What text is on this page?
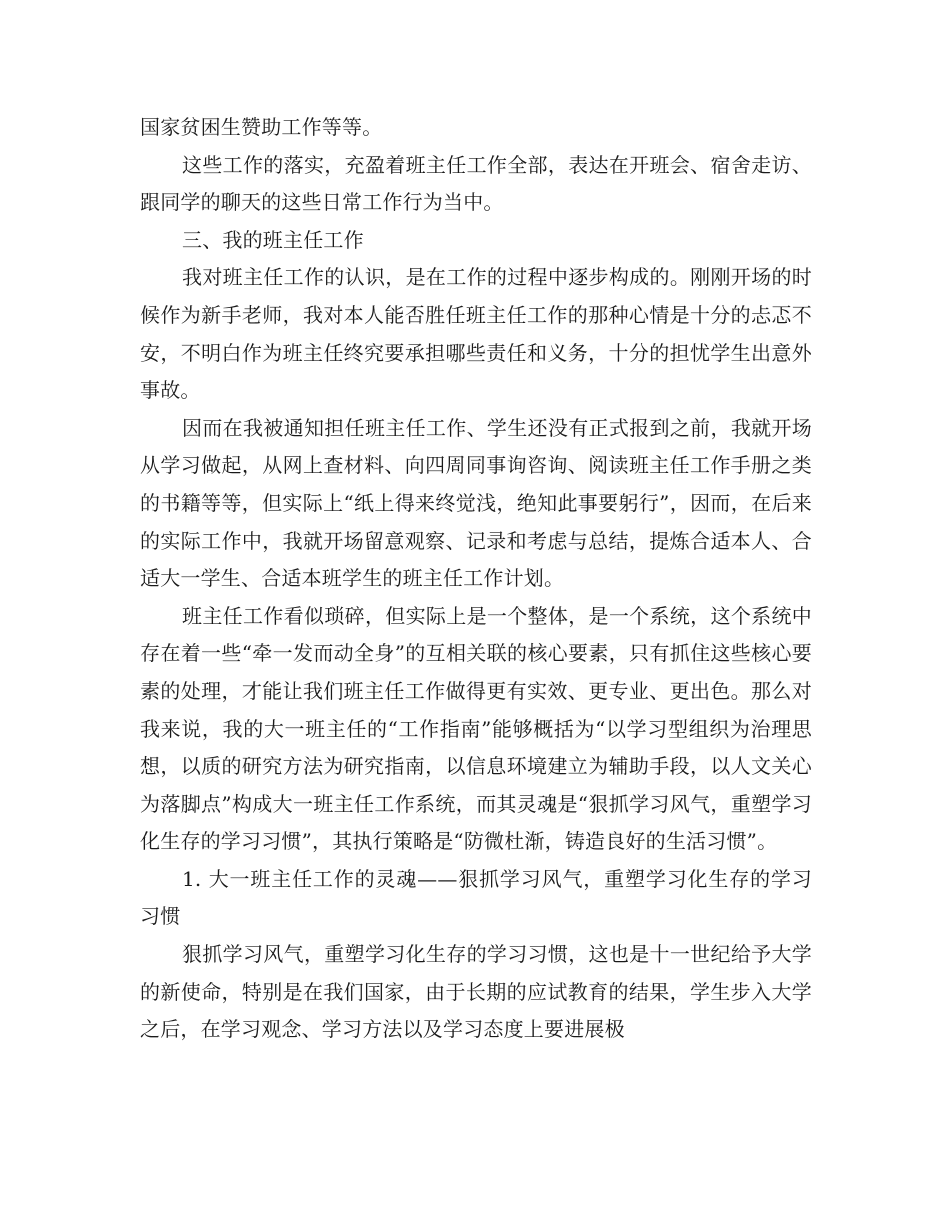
国家贫困生赞助工作等等。

这些工作的落实，充盈着班主任工作全部，表达在开班会、宿舍走访、跟同学的聊天的这些日常工作行为当中。

三、我的班主任工作

我对班主任工作的认识，是在工作的过程中逐步构成的。刚刚开场的时候作为新手老师，我对本人能否胜任班主任工作的那种心情是十分的忐忑不安，不明白作为班主任终究要承担哪些责任和义务，十分的担忧学生出意外事故。

因而在我被通知担任班主任工作、学生还没有正式报到之前，我就开场从学习做起，从网上查材料、向四周同事询咨询、阅读班主任工作手册之类的书籍等等，但实际上“纸上得来终觉浅，绝知此事要躬行”，因而，在后来的实际工作中，我就开场留意观察、记录和考虑与总结，提炼合适本人、合适大一学生、合适本班学生的班主任工作计划。

班主任工作看似琐碎，但实际上是一个整体，是一个系统，这个系统中存在着一些“牵一发而动全身”的互相关联的核心要素，只有抓住这些核心要素的处理，才能让我们班主任工作做得更有实效、更专业、更出色。那么对我来说，我的大一班主任的“工作指南”能够概括为“以学习型组织为治理思想，以质的研究方法为研究指南，以信息环境建立为辅助手段，以人文关心为落脚点”构成大一班主任工作系统，而其灵魂是“狠抓学习风气，重塑学习化生存的学习习惯”，其执行策略是“防微杜渐，铸造良好的生活习惯”。

1. 大一班主任工作的灵魂——狠抓学习风气，重塑学习化生存的学习习惯

狠抓学习风气，重塑学习化生存的学习习惯，这也是十一世纪给予大学的新使命，特别是在我们国家，由于长期的应试教育的结果，学生步入大学之后，在学习观念、学习方法以及学习态度上要进展极
